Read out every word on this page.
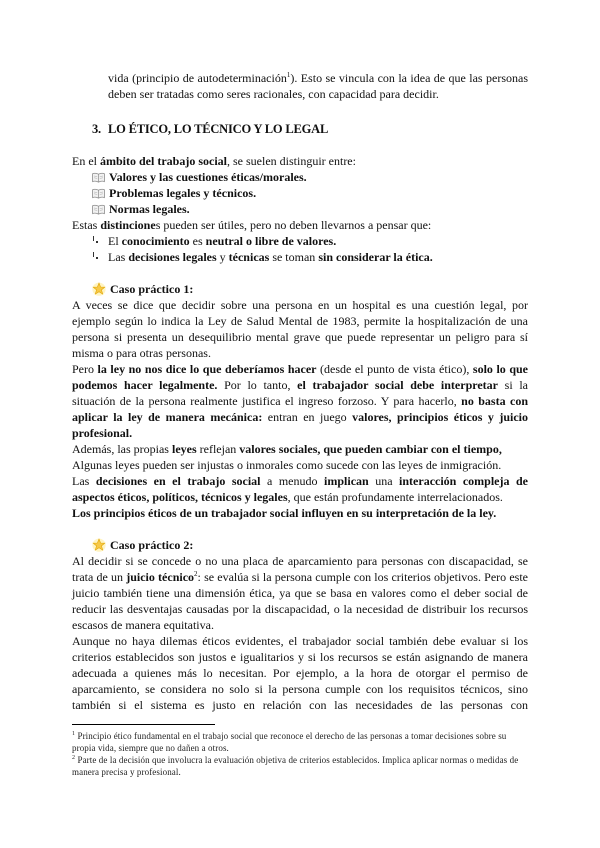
vida (principio de autodeterminación$^1$). Esto se vincula con la idea de que las personas deben ser tratadas como seres racionales, con capacidad para decidir.

3. LO ÉTICO, LO TÉCNICO Y LO LEGAL

En el ámbito del trabajo social, se suelen distinguir entre:

Valores y las cuestiones éticas/morales.
Problemas legales y técnicos.
Normas legales.

Estas distinciones pueden ser útiles, pero no deben llevarnos a pensar que:

El conocimiento es neutral o libre de valores.
Las decisiones legales y técnicas se toman sin considerar la ética.
Caso práctico 1:

A veces se dice que decidir sobre una persona en un hospital es una cuestión legal, por ejemplo según lo indica la Ley de Salud Mental de 1983, permite la hospitalización de una persona si presenta un desequilibrio mental grave que puede representar un peligro para sí misma o para otras personas.

Pero la ley no nos dice lo que deberíamos hacer (desde el punto de vista ético), solo lo que podemos hacer legalmente. Por lo tanto, el trabajador social debe interpretar si la situación de la persona realmente justifica el ingreso forzoso. Y para hacerlo, no basta con aplicar la ley de manera mecánica: entran en juego valores, principios éticos y juicio profesional.

Además, las propias leyes reflejan valores sociales, que pueden cambiar con el tiempo,

Algunas leyes pueden ser injustas o inmorales como sucede con las leyes de inmigración.

Las decisiones en el trabajo social a menudo implican una interacción compleja de aspectos éticos, políticos, técnicos y legales, que están profundamente interrelacionados.

Los principios éticos de un trabajador social influyen en su interpretación de la ley.

Caso práctico 2:

Al decidir si se concede o no una placa de aparcamiento para personas con discapacidad, se trata de un juicio técnico$^2$: se evalúa si la persona cumple con los criterios objetivos. Pero este juicio también tiene una dimensión ética, ya que se basa en valores como el deber social de reducir las desventajas causadas por la discapacidad, o la necesidad de distribuir los recursos escasos de manera equitativa.

Aunque no haya dilemas éticos evidentes, el trabajador social también debe evaluar si los criterios establecidos son justos e igualitarios y si los recursos se están asignando de manera adecuada a quienes más lo necesitan. Por ejemplo, a la hora de otorgar el permiso de aparcamiento, se considera no solo si la persona cumple con los requisitos técnicos, sino también si el sistema es justo en relación con las necesidades de las personas con

$^1$ Principio ético fundamental en el trabajo social que reconoce el derecho de las personas a tomar decisiones sobre su propia vida, siempre que no dañen a otros.

$^2$ Parte de la decisión que involucra la evaluación objetiva de criterios establecidos. Implica aplicar normas o medidas de manera precisa y profesional.
